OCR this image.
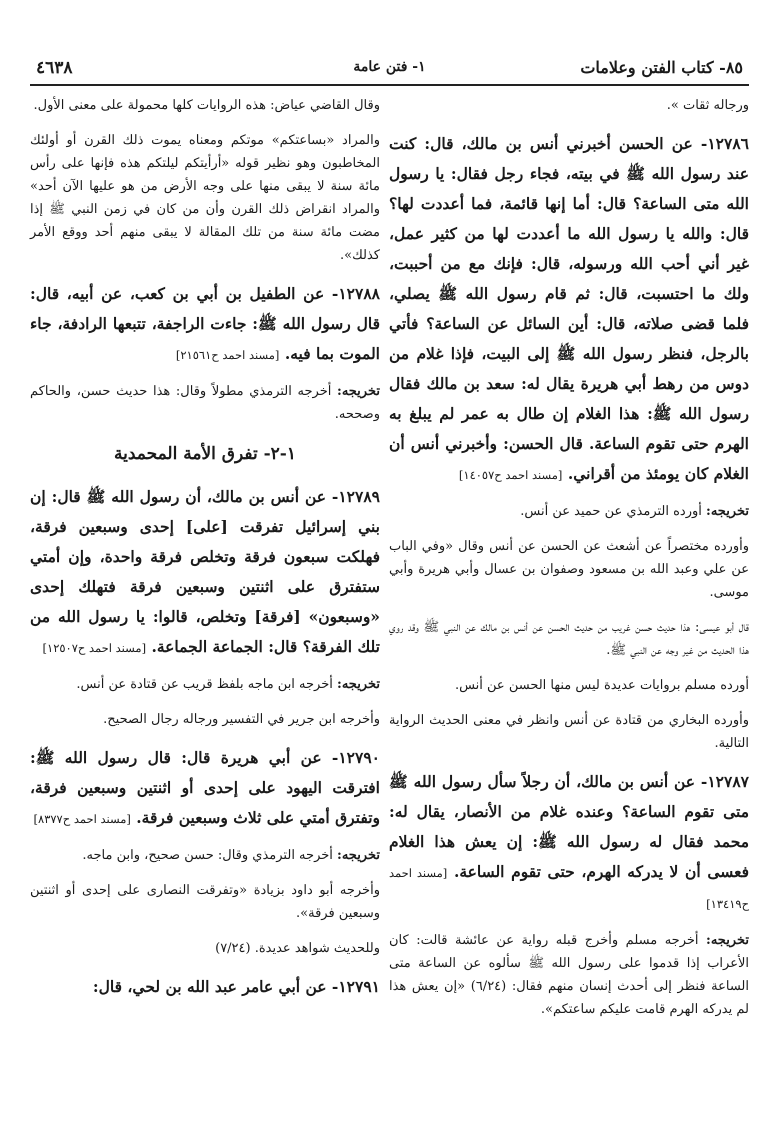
٨٥- كتاب الفتن وعلامات
١- فتن عامة
٤٦٣٨

ورجاله ثقات ».

١٢٧٨٦- عن الحسن أخبرني أنس بن مالك، قال: كنت عند رسول الله ﷺ في بيته، فجاء رجل فقال: يا رسول الله متى الساعة؟ قال: أما إنها قائمة، فما أعددت لها؟ قال: والله يا رسول الله ما أعددت لها من كثير عمل، غير أني أحب الله ورسوله، قال: فإنك مع من أحببت، ولك ما احتسبت، قال: ثم قام رسول الله ﷺ يصلي، فلما قضى صلاته، قال: أين السائل عن الساعة؟ فأتي بالرجل، فنظر رسول الله ﷺ إلى البيت، فإذا غلام من دوس من رهط أبي هريرة يقال له: سعد بن مالك فقال رسول الله ﷺ: هذا الغلام إن طال به عمر لم يبلغ به الهرم حتى تقوم الساعة. قال الحسن: وأخبرني أنس أن الغلام كان يومئذ من أقراني. [مسند احمد ح١٤٠٥٧]

تخريجه: أورده الترمذي عن حميد عن أنس.

وأورده مختصراً عن أشعث عن الحسن عن أنس وقال «وفي الباب عن علي وعبد الله بن مسعود وصفوان بن عسال وأبي هريرة وأبي موسى.

قال أبو عيسى: هذا حديث حسن غريب من حديث الحسن عن أنس بن مالك عن النبي ﷺ وقد روي هذا الحديث من غير وجه عن النبي ﷺ.

أورده مسلم بروايات عديدة ليس منها الحسن عن أنس.

وأورده البخاري من قتادة عن أنس وانظر في معنى الحديث الرواية التالية.

١٢٧٨٧- عن أنس بن مالك، أن رجلاً سأل رسول الله ﷺ متى تقوم الساعة؟ وعنده غلام من الأنصار، يقال له: محمد فقال له رسول الله ﷺ: إن يعش هذا الغلام فعسى أن لا يدركه الهرم، حتى تقوم الساعة. [مسند احمد ح١٣٤١٩]

تخريجه: أخرجه مسلم وأخرج قبله رواية عن عائشة قالت: كان الأعراب إذا قدموا على رسول الله ﷺ سألوه عن الساعة متى الساعة فنظر إلى أحدث إنسان منهم فقال: (٦/٢٤) «إن يعش هذا لم يدركه الهرم قامت عليكم ساعتكم».

وقال القاضي عياض: هذه الروايات كلها محمولة على معنى الأول.

والمراد «بساعتكم» موتكم ومعناه يموت ذلك القرن أو أولئك المخاطبون وهو نظير قوله «أرأيتكم ليلتكم هذه فإنها على رأس مائة سنة لا يبقى منها على وجه الأرض من هو عليها الآن أحد» والمراد انقراض ذلك القرن وأن من كان في زمن النبي ﷺ إذا مضت مائة سنة من تلك المقالة لا يبقى منهم أحد ووقع الأمر كذلك».

١٢٧٨٨- عن الطفيل بن أبي بن كعب، عن أبيه، قال: قال رسول الله ﷺ: جاءت الراجفة، تتبعها الرادفة، جاء الموت بما فيه. [مسند احمد ح٢١٥٦١]

تخريجه: أخرجه الترمذي مطولاً وقال: هذا حديث حسن، والحاكم وصححه.

١-٢- تفرق الأمة المحمدية

١٢٧٨٩- عن أنس بن مالك، أن رسول الله ﷺ قال: إن بني إسرائيل تفرقت [على] إحدى وسبعين فرقة، فهلكت سبعون فرقة وتخلص فرقة واحدة، وإن أمتي ستفترق على اثنتين وسبعين فرقة فتهلك إحدى «وسبعون» [فرقة] وتخلص، قالوا: يا رسول الله من تلك الفرقة؟ قال: الجماعة الجماعة. [مسند احمد ح١٢٥٠٧]

تخريجه: أخرجه ابن ماجه بلفظ قريب عن قتادة عن أنس.

وأخرجه ابن جرير في التفسير ورجاله رجال الصحيح.

١٢٧٩٠- عن أبي هريرة قال: قال رسول الله ﷺ: افترقت اليهود على إحدى أو اثنتين وسبعين فرقة، وتفترق أمتي على ثلاث وسبعين فرقة. [مسند احمد ح٨٣٧٧]

تخريجه: أخرجه الترمذي وقال: حسن صحيح، وابن ماجه.

وأخرجه أبو داود بزيادة «وتفرقت النصارى على إحدى أو اثنتين وسبعين فرقة».

وللحديث شواهد عديدة. (٧/٢٤)

١٢٧٩١- عن أبي عامر عبد الله بن لحي، قال:
